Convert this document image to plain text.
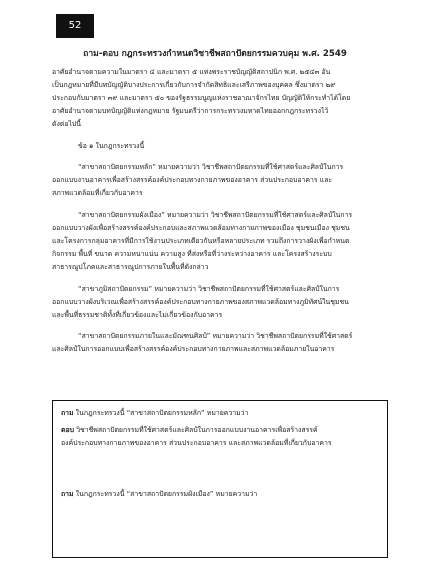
52
ถาม-ตอบ กฎกระทรวงกำหนดวิชาชีพสถาปัตยกรรมควบคุม พ.ศ. 2549

อาศัยอำนาจตามความในมาตรา ๔ และมาตรา ๕ แห่งพระราชบัญญัติสถาปนิก พ.ศ. ๒๕๔๓ อัน
เป็นกฎหมายที่มีบทบัญญัติบางประการเกี่ยวกับการจำกัดสิทธิและเสรีภาพของบุคคล ซึ่งมาตรา ๒๙
ประกอบกับมาตรา ๓๙ และมาตรา ๕๐ ของรัฐธรรมนูญแห่งราชอาณาจักรไทย บัญญัติให้กระทำได้โดย
อาศัยอำนาจตามบทบัญญัติแห่งกฎหมาย รัฐมนตรีว่าการกระทรวงมหาดไทยออกกฎกระทรวงไว้
ดังต่อไปนี้

ข้อ ๑ ในกฎกระทรวงนี้

“สาขาสถาปัตยกรรมหลัก” หมายความว่า วิชาชีพสถาปัตยกรรมที่ใช้ศาสตร์และศิลป์ในการ
ออกแบบงานอาคารเพื่อสร้างสรรค์องค์ประกอบทางกายภาพของอาคาร ส่วนประกอบอาคาร และ
สภาพแวดล้อมที่เกี่ยวกับอาคาร

“สาขาสถาปัตยกรรมผังเมือง” หมายความว่า วิชาชีพสถาปัตยกรรมที่ใช้ศาสตร์และศิลป์ในการ
ออกแบบวางผังเพื่อสร้างสรรค์องค์ประกอบและสภาพแวดล้อมทางกายภาพของเมือง ชุมชนเมือง ชุมชน
และโครงการกลุ่มอาคารที่มีการใช้งานประเภทเดียวกันหรือหลายประเภท รวมถึงการวางผังเพื่อกำหนด
กิจกรรม พื้นที่ ขนาด ความหนาแน่น ความสูง ที่ส่งหรือที่ว่างระหว่างอาคาร และโครงสร้างระบบ
สาธารณูปโภคและสาธารณูปการภายในพื้นที่ดังกล่าว

“สาขาภูมิสถาปัตยกรรม” หมายความว่า วิชาชีพสถาปัตยกรรมที่ใช้ศาสตร์และศิลป์ในการ
ออกแบบวางผังบริเวณเพื่อสร้างสรรค์องค์ประกอบทางกายภาพของสภาพแวดล้อมทางภูมิทัศน์ในชุมชน
และพื้นที่ธรรมชาติทั้งที่เกี่ยวข้องและไม่เกี่ยวข้องกับอาคาร

“สาขาสถาปัตยกรรมภายในและมัณฑนศิลป์” หมายความว่า วิชาชีพสถาปัตยกรรมที่ใช้ศาสตร์
และศิลป์ในการออกแบบเพื่อสร้างสรรค์องค์ประกอบทางกายภาพและสภาพแวดล้อมภายในอาคาร

ถาม ในกฎกระทรวงนี้ “สาขาสถาปัตยกรรมหลัก” หมายความว่า

ตอบ วิชาชีพสถาปัตยกรรมที่ใช้ศาสตร์และศิลป์ในการออกแบบงานอาคารเพื่อสร้างสรรค์
องค์ประกอบทางกายภาพของอาคาร ส่วนประกอบอาคาร และสภาพแวดล้อมที่เกี่ยวกับอาคาร

ถาม ในกฎกระทรวงนี้ “สาขาสถาปัตยกรรมผังเมือง” หมายความว่า
